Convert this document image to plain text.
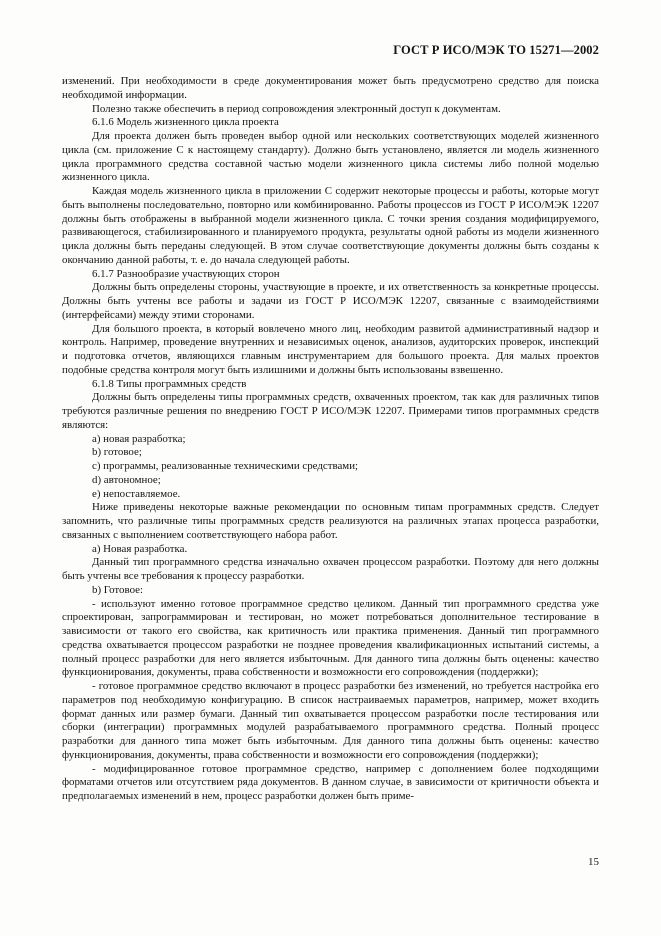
ГОСТ Р ИСО/МЭК ТО 15271—2002

изменений. При необходимости в среде документирования может быть предусмотрено средство для поиска необходимой информации.

Полезно также обеспечить в период сопровождения электронный доступ к документам.

6.1.6 Модель жизненного цикла проекта

Для проекта должен быть проведен выбор одной или нескольких соответствующих моделей жизненного цикла (см. приложение С к настоящему стандарту). Должно быть установлено, является ли модель жизненного цикла программного средства составной частью модели жизненного цикла системы либо полной моделью жизненного цикла.

Каждая модель жизненного цикла в приложении С содержит некоторые процессы и работы, которые могут быть выполнены последовательно, повторно или комбинированно. Работы процессов из ГОСТ Р ИСО/МЭК 12207 должны быть отображены в выбранной модели жизненного цикла. С точки зрения создания модифицируемого, развивающегося, стабилизированного и планируемого продукта, результаты одной работы из модели жизненного цикла должны быть переданы следующей. В этом случае соответствующие документы должны быть созданы к окончанию данной работы, т. е. до начала следующей работы.

6.1.7 Разнообразие участвующих сторон

Должны быть определены стороны, участвующие в проекте, и их ответственность за конкретные процессы. Должны быть учтены все работы и задачи из ГОСТ Р ИСО/МЭК 12207, связанные с взаимодействиями (интерфейсами) между этими сторонами.

Для большого проекта, в который вовлечено много лиц, необходим развитой административный надзор и контроль. Например, проведение внутренних и независимых оценок, анализов, аудиторских проверок, инспекций и подготовка отчетов, являющихся главным инструментарием для большого проекта. Для малых проектов подобные средства контроля могут быть излишними и должны быть использованы взвешенно.

6.1.8 Типы программных средств

Должны быть определены типы программных средств, охваченных проектом, так как для различных типов требуются различные решения по внедрению ГОСТ Р ИСО/МЭК 12207. Примерами типов программных средств являются:

a) новая разработка;

b) готовое;

c) программы, реализованные техническими средствами;

d) автономное;

e) непоставляемое.

Ниже приведены некоторые важные рекомендации по основным типам программных средств. Следует запомнить, что различные типы программных средств реализуются на различных этапах процесса разработки, связанных с выполнением соответствующего набора работ.

a) Новая разработка.

Данный тип программного средства изначально охвачен процессом разработки. Поэтому для него должны быть учтены все требования к процессу разработки.

b) Готовое:

- используют именно готовое программное средство целиком. Данный тип программного средства уже спроектирован, запрограммирован и тестирован, но может потребоваться дополнительное тестирование в зависимости от такого его свойства, как критичность или практика применения. Данный тип программного средства охватывается процессом разработки не позднее проведения квалификационных испытаний системы, а полный процесс разработки для него является избыточным. Для данного типа должны быть оценены: качество функционирования, документы, права собственности и возможности его сопровождения (поддержки);

- готовое программное средство включают в процесс разработки без изменений, но требуется настройка его параметров под необходимую конфигурацию. В список настраиваемых параметров, например, может входить формат данных или размер бумаги. Данный тип охватывается процессом разработки после тестирования или сборки (интеграции) программных модулей разрабатываемого программного средства. Полный процесс разработки для данного типа может быть избыточным. Для данного типа должны быть оценены: качество функционирования, документы, права собственности и возможности его сопровождения (поддержки);

- модифицированное готовое программное средство, например с дополнением более подходящими форматами отчетов или отсутствием ряда документов. В данном случае, в зависимости от критичности объекта и предполагаемых изменений в нем, процесс разработки должен быть приме-

15
